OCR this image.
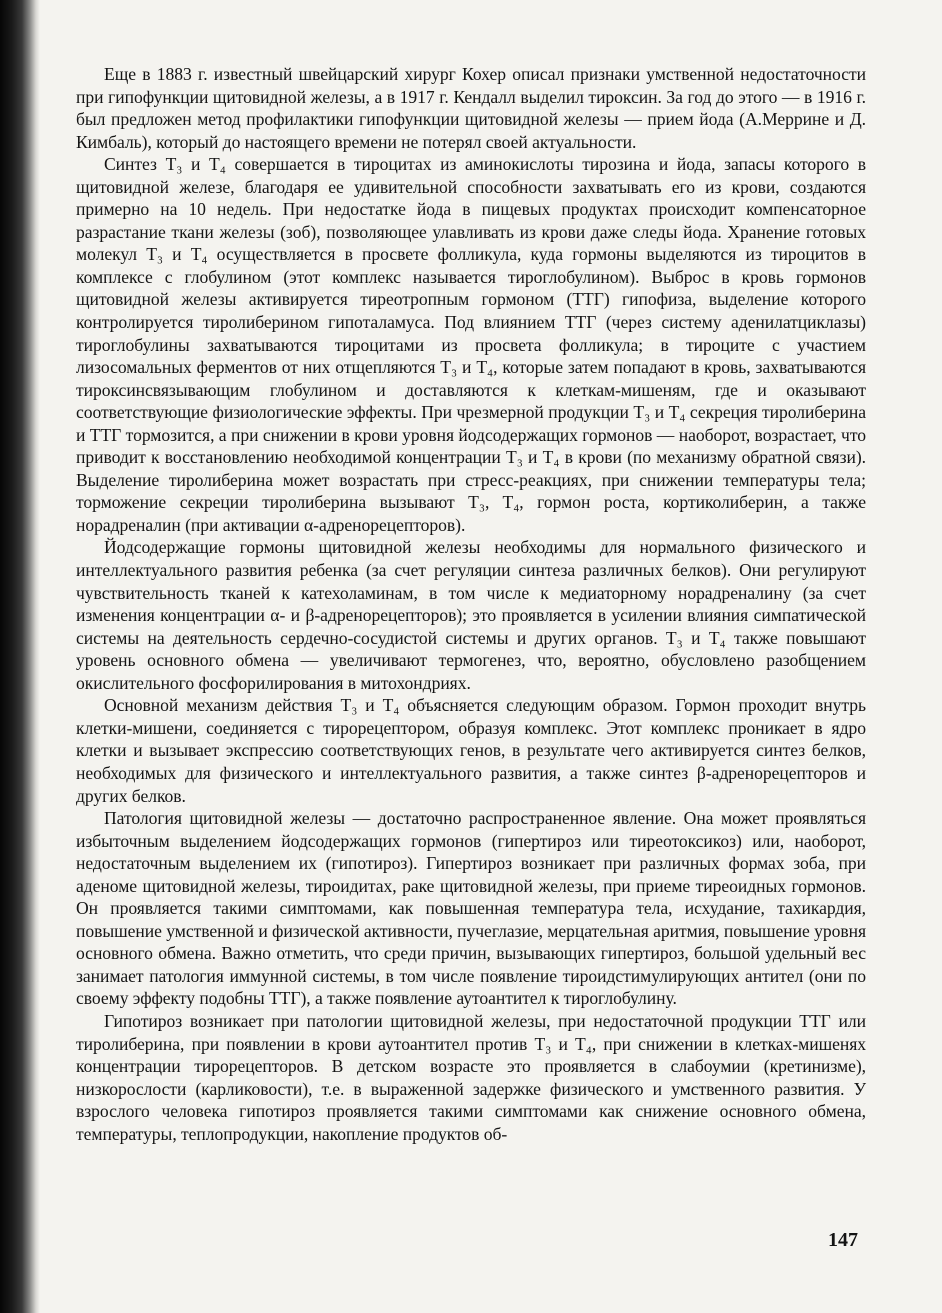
Еще в 1883 г. известный швейцарский хирург Кохер описал признаки умственной недостаточности при гипофункции щитовидной железы, а в 1917 г. Кендалл выделил тироксин. За год до этого — в 1916 г. был предложен метод профилактики гипофункции щитовидной железы — прием йода (А.Меррине и Д. Кимбаль), который до настоящего времени не потерял своей актуальности.

Синтез T₃ и T₄ совершается в тироцитах из аминокислоты тирозина и йода, запасы которого в щитовидной железе, благодаря ее удивительной способности захватывать его из крови, создаются примерно на 10 недель. При недостатке йода в пищевых продуктах происходит компенсаторное разрастание ткани железы (зоб), позволяющее улавливать из крови даже следы йода. Хранение готовых молекул T₃ и T₄ осуществляется в просвете фолликула, куда гормоны выделяются из тироцитов в комплексе с глобулином (этот комплекс называется тироглобулином). Выброс в кровь гормонов щитовидной железы активируется тиреотропным гормоном (ТТГ) гипофиза, выделение которого контролируется тиролиберином гипоталамуса. Под влиянием ТТГ (через систему аденилатциклазы) тироглобулины захватываются тироцитами из просвета фолликула; в тироците с участием лизосомальных ферментов от них отщепляются T₃ и T₄, которые затем попадают в кровь, захватываются тироксинсвязывающим глобулином и доставляются к клеткам-мишеням, где и оказывают соответствующие физиологические эффекты. При чрезмерной продукции T₃ и T₄ секреция тиролиберина и ТТГ тормозится, а при снижении в крови уровня йодсодержащих гормонов — наоборот, возрастает, что приводит к восстановлению необходимой концентрации T₃ и T₄ в крови (по механизму обратной связи). Выделение тиролиберина может возрастать при стресс-реакциях, при снижении температуры тела; торможение секреции тиролиберина вызывают T₃, T₄, гормон роста, кортиколиберин, а также норадреналин (при активации α-адренорецепторов).

Йодсодержащие гормоны щитовидной железы необходимы для нормального физического и интеллектуального развития ребенка (за счет регуляции синтеза различных белков). Они регулируют чувствительность тканей к катехоламинам, в том числе к медиаторному норадреналину (за счет изменения концентрации α- и β-адренорецепторов); это проявляется в усилении влияния симпатической системы на деятельность сердечно-сосудистой системы и других органов. T₃ и T₄ также повышают уровень основного обмена — увеличивают термогенез, что, вероятно, обусловлено разобщением окислительного фосфорилирования в митохондриях.

Основной механизм действия T₃ и T₄ объясняется следующим образом. Гормон проходит внутрь клетки-мишени, соединяется с тирорецептором, образуя комплекс. Этот комплекс проникает в ядро клетки и вызывает экспрессию соответствующих генов, в результате чего активируется синтез белков, необходимых для физического и интеллектуального развития, а также синтез β-адренорецепторов и других белков.

Патология щитовидной железы — достаточно распространенное явление. Она может проявляться избыточным выделением йодсодержащих гормонов (гипертироз или тиреотоксикоз) или, наоборот, недостаточным выделением их (гипотироз). Гипертироз возникает при различных формах зоба, при аденоме щитовидной железы, тироидитах, раке щитовидной железы, при приеме тиреоидных гормонов. Он проявляется такими симптомами, как повышенная температура тела, исхудание, тахикардия, повышение умственной и физической активности, пучеглазие, мерцательная аритмия, повышение уровня основного обмена. Важно отметить, что среди причин, вызывающих гипертироз, большой удельный вес занимает патология иммунной системы, в том числе появление тироидстимулирующих антител (они по своему эффекту подобны ТТГ), а также появление аутоантител к тироглобулину.

Гипотироз возникает при патологии щитовидной железы, при недостаточной продукции ТТГ или тиролиберина, при появлении в крови аутоантител против T₃ и T₄, при снижении в клетках-мишенях концентрации тирорецепторов. В детском возрасте это проявляется в слабоумии (кретинизме), низкорослости (карликовости), т.е. в выраженной задержке физического и умственного развития. У взрослого человека гипотироз проявляется такими симптомами как снижение основного обмена, температуры, теплопродукции, накопление продуктов об-

147
